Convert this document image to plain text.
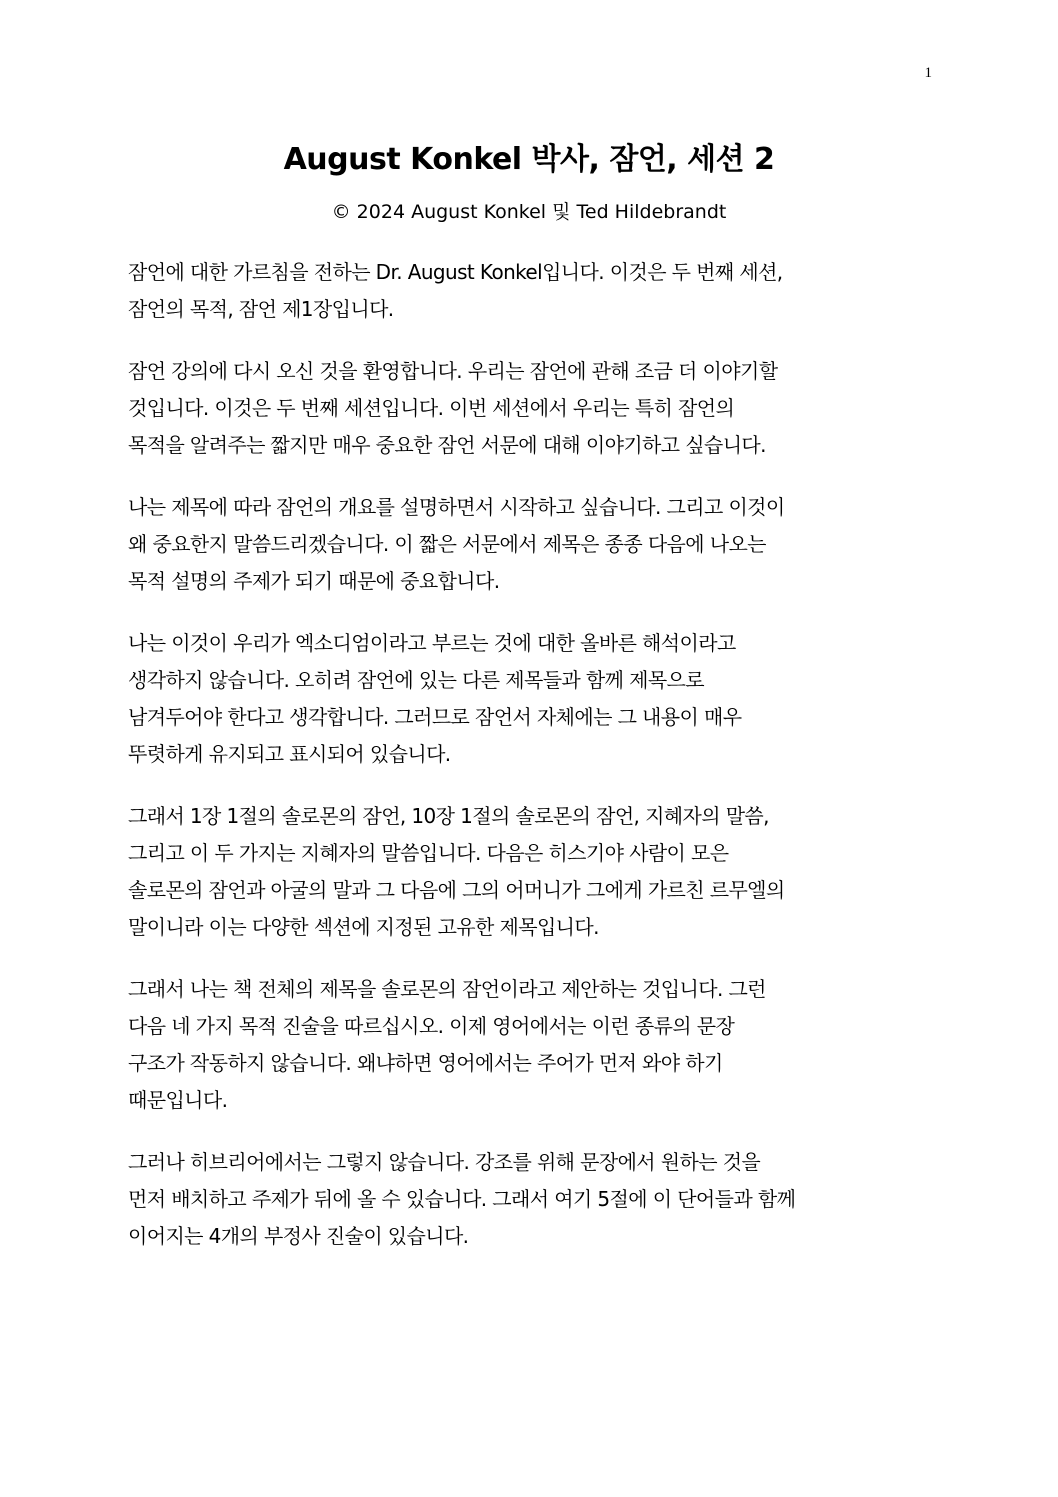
1
August Konkel 박사, 잠언, 세션 2
© 2024 August Konkel 및 Ted Hildebrandt

잠언에 대한 가르침을 전하는 Dr. August Konkel입니다. 이것은 두 번째 세션,
잠언의 목적, 잠언 제1장입니다.

잠언 강의에 다시 오신 것을 환영합니다. 우리는 잠언에 관해 조금 더 이야기할
것입니다. 이것은 두 번째 세션입니다. 이번 세션에서 우리는 특히 잠언의
목적을 알려주는 짧지만 매우 중요한 잠언 서문에 대해 이야기하고 싶습니다.

나는 제목에 따라 잠언의 개요를 설명하면서 시작하고 싶습니다. 그리고 이것이
왜 중요한지 말씀드리겠습니다. 이 짧은 서문에서 제목은 종종 다음에 나오는
목적 설명의 주제가 되기 때문에 중요합니다.

나는 이것이 우리가 엑소디엄이라고 부르는 것에 대한 올바른 해석이라고
생각하지 않습니다. 오히려 잠언에 있는 다른 제목들과 함께 제목으로
남겨두어야 한다고 생각합니다. 그러므로 잠언서 자체에는 그 내용이 매우
뚜렷하게 유지되고 표시되어 있습니다.

그래서 1장 1절의 솔로몬의 잠언, 10장 1절의 솔로몬의 잠언, 지혜자의 말씀,
그리고 이 두 가지는 지혜자의 말씀입니다. 다음은 히스기야 사람이 모은
솔로몬의 잠언과 아굴의 말과 그 다음에 그의 어머니가 그에게 가르친 르무엘의
말이니라 이는 다양한 섹션에 지정된 고유한 제목입니다.

그래서 나는 책 전체의 제목을 솔로몬의 잠언이라고 제안하는 것입니다. 그런
다음 네 가지 목적 진술을 따르십시오. 이제 영어에서는 이런 종류의 문장
구조가 작동하지 않습니다. 왜냐하면 영어에서는 주어가 먼저 와야 하기
때문입니다.

그러나 히브리어에서는 그렇지 않습니다. 강조를 위해 문장에서 원하는 것을
먼저 배치하고 주제가 뒤에 올 수 있습니다. 그래서 여기 5절에 이 단어들과 함께
이어지는 4개의 부정사 진술이 있습니다.
